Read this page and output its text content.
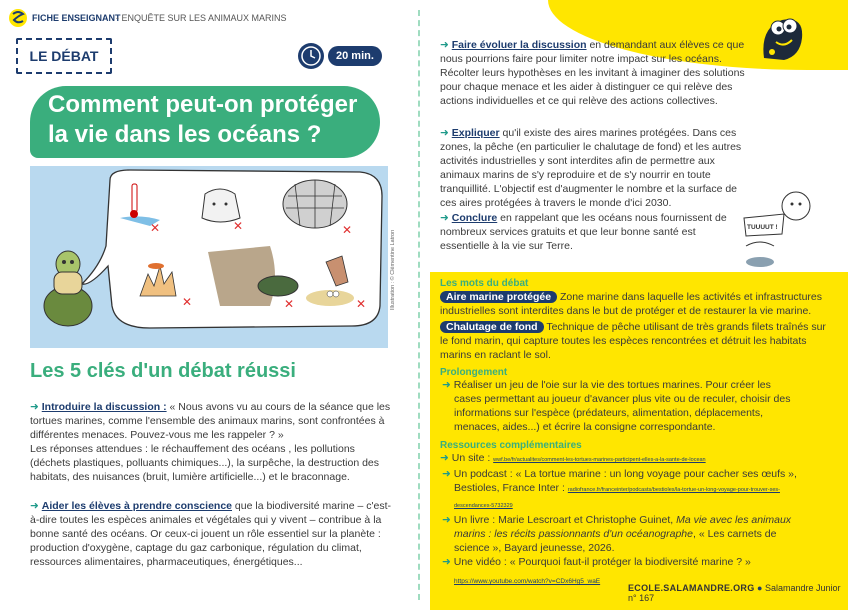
FICHE ENSEIGNANT
- ENQUÊTE SUR LES ANIMAUX MARINS
LE DÉBAT	20 min.
Comment peut-on protéger
la vie dans les océans ?
✕	✕	✕
✕	✕	✕	Illustration : © Clémentine Latron
Les 5 clés d'un débat réussi
➜ Introduire la discussion : « Nous avons vu au cours de la séance que les tortues marines, comme l'ensemble des animaux marins, sont confrontées à différentes menaces. Pouvez-vous me les rappeler ? »

Les réponses attendues : le réchauffement des océans , les pollutions (déchets plastiques, polluants chimiques...), la surpêche, la destruction des habitats, des nuisances (bruit, lumière artificielle...) et le braconnage.

➜ Aider les élèves à prendre conscience que la biodiversité marine – c'est-à-dire toutes les espèces animales et végétales qui y vivent – contribue à la bonne santé des océans. Or ceux-ci jouent un rôle essentiel sur la planète : production d'oxygène, captage du gaz carbonique, régulation du climat, ressources alimentaires, pharmaceutiques, énergétiques...
➜ Faire évoluer la discussion en demandant aux élèves ce que nous pourrions faire pour limiter notre impact sur les océans. Récolter leurs hypothèses en les invitant à imaginer des solutions pour chaque menace et les aider à distinguer ce qui relève des actions individuelles et ce qui relève des actions collectives.
➜ Expliquer qu'il existe des aires marines protégées. Dans ces zones, la pêche (en particulier le chalutage de fond) et les autres activités industrielles y sont interdites afin de permettre aux animaux marins de s'y reproduire et de s'y nourrir en toute tranquillité. L'objectif est d'augmenter le nombre et la surface de ces aires protégées à travers le monde d'ici 2030.
➜ Conclure en rappelant que les océans nous fournissent de nombreux services gratuits et que leur bonne santé est essentielle à la vie sur Terre.
TUUUUT !
Les mots du débat

Aire marine protégée Zone marine dans laquelle les activités et infrastructures industrielles sont interdites dans le but de protéger et de restaurer la vie marine.

Chalutage de fond Technique de pêche utilisant de très grands filets traînés sur le fond marin, qui capture toutes les espèces rencontrées et détruit les habitats marins en raclant le sol.

Prolongement

➜ Réaliser un jeu de l'oie sur la vie des tortues marines. Pour créer les cases permettant au joueur d'avancer plus vite ou de reculer, choisir des informations sur l'espèce (prédateurs, alimentation, déplacements, menaces, aides...) et écrire la consigne correspondante.

Ressources complémentaires

➜ Un site : wwf.be/fr/actualites/comment-les-tortues-marines-participent-elles-a-la-sante-de-locean

➜ Un podcast : « La tortue marine : un long voyage pour cacher ses œufs »,
Bestioles, France Inter : radiofrance.fr/franceinter/podcasts/bestioles/la-tortue-un-long-voyage-pour-trouver-ses-descendances-5732329

➜ Un livre : Marie Lescroart et Christophe Guinet, Ma vie avec les animaux marins : les récits passionnants d'un océanographe, « Les carnets de science », Bayard jeunesse, 2026.

➜ Une vidéo : « Pourquoi faut-il protéger la biodiversité marine ? »

https://www.youtube.com/watch?v=CDx6Hg5_waE

ECOLE.SALAMANDRE.ORG ● Salamandre Junior n° 167
